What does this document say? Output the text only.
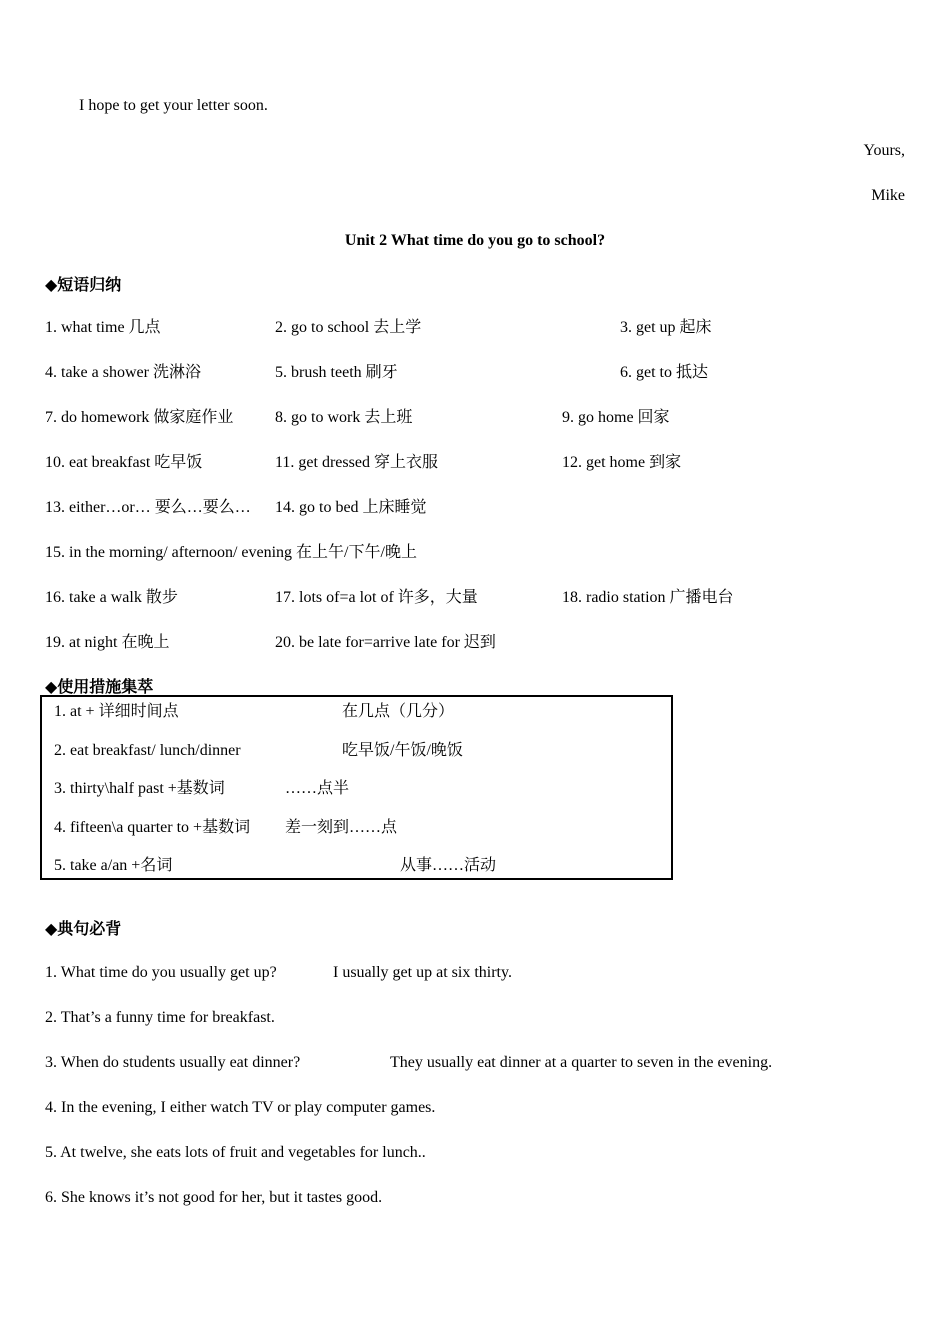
I hope to get your letter soon.
Yours,
Mike
Unit 2 What time do you go to school?
◆短语归纳
1. what time 几点	2. go to school 去上学	3. get up 起床
4. take a shower 洗淋浴	5. brush teeth 刷牙	6. get to 抵达
7. do homework 做家庭作业	8. go to work 去上班	9. go home 回家
10. eat breakfast 吃早饭	11. get dressed 穿上衣服	12. get home 到家
13. either…or… 要么…要么… 14. go to bed 上床睡觉
15. in the morning/ afternoon/ evening 在上午/下午/晚上
16. take a walk 散步	17. lots of=a lot of 许多，大量	18. radio station 广播电台
19. at night 在晚上	20. be late for=arrive late for 迟到
◆使用措施集萃
1. at + 详细时间点	在几点（几分）
2. eat breakfast/ lunch/dinner	吃早饭/午饭/晚饭
3. thirty\half past +基数词	……点半
4. fifteen\a quarter to +基数词 差一刻到……点
5. take a/an +名词	从事……活动
◆典句必背
1. What time do you usually get up?	I usually get up at six thirty.
2. That’s a funny time for breakfast.
3. When do students usually eat dinner?	They usually eat dinner at a quarter to seven in the evening.
4. In the evening, I either watch TV or play computer games.
5. At twelve, she eats lots of fruit and vegetables for lunch..
6. She knows it’s not good for her, but it tastes good.
